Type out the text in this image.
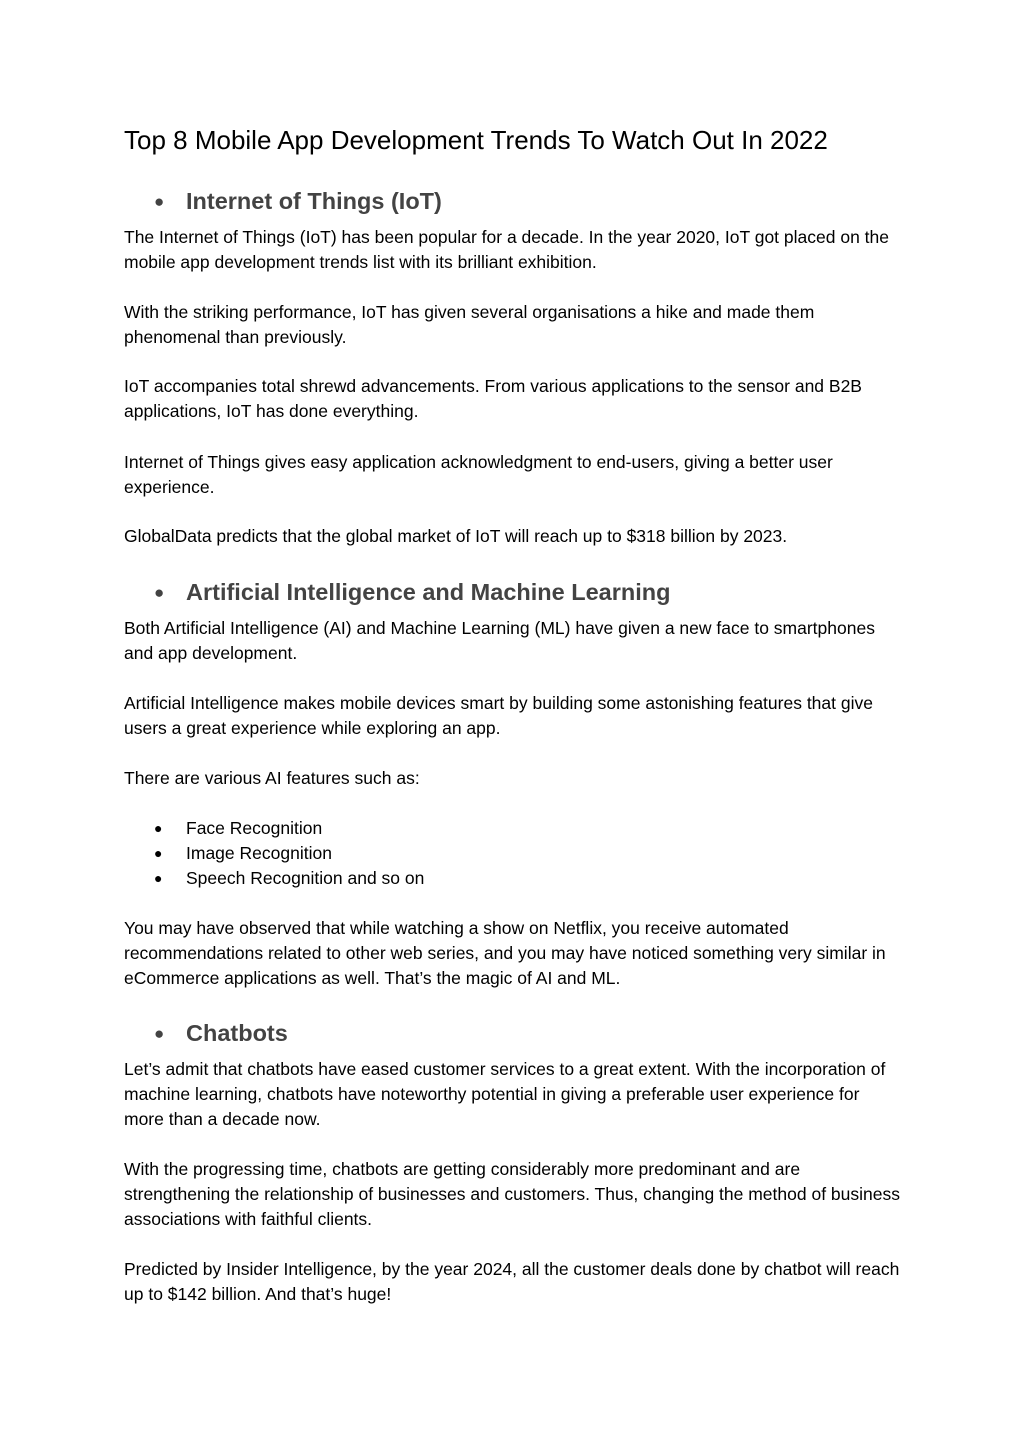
Top 8 Mobile App Development Trends To Watch Out In 2022
● Internet of Things (IoT)

The Internet of Things (IoT) has been popular for a decade. In the year 2020, IoT got placed on the mobile app development trends list with its brilliant exhibition.

With the striking performance, IoT has given several organisations a hike and made them phenomenal than previously.

IoT accompanies total shrewd advancements. From various applications to the sensor and B2B applications, IoT has done everything.

Internet of Things gives easy application acknowledgment to end-users, giving a better user experience.

GlobalData predicts that the global market of IoT will reach up to $318 billion by 2023.

● Artificial Intelligence and Machine Learning

Both Artificial Intelligence (AI) and Machine Learning (ML) have given a new face to smartphones and app development.

Artificial Intelligence makes mobile devices smart by building some astonishing features that give users a great experience while exploring an app.

There are various AI features such as:

● Face Recognition
● Image Recognition
● Speech Recognition and so on

You may have observed that while watching a show on Netflix, you receive automated recommendations related to other web series, and you may have noticed something very similar in eCommerce applications as well. That’s the magic of AI and ML.

● Chatbots

Let’s admit that chatbots have eased customer services to a great extent. With the incorporation of machine learning, chatbots have noteworthy potential in giving a preferable user experience for more than a decade now.

With the progressing time, chatbots are getting considerably more predominant and are strengthening the relationship of businesses and customers. Thus, changing the method of business associations with faithful clients.

Predicted by Insider Intelligence, by the year 2024, all the customer deals done by chatbot will reach up to $142 billion. And that’s huge!
